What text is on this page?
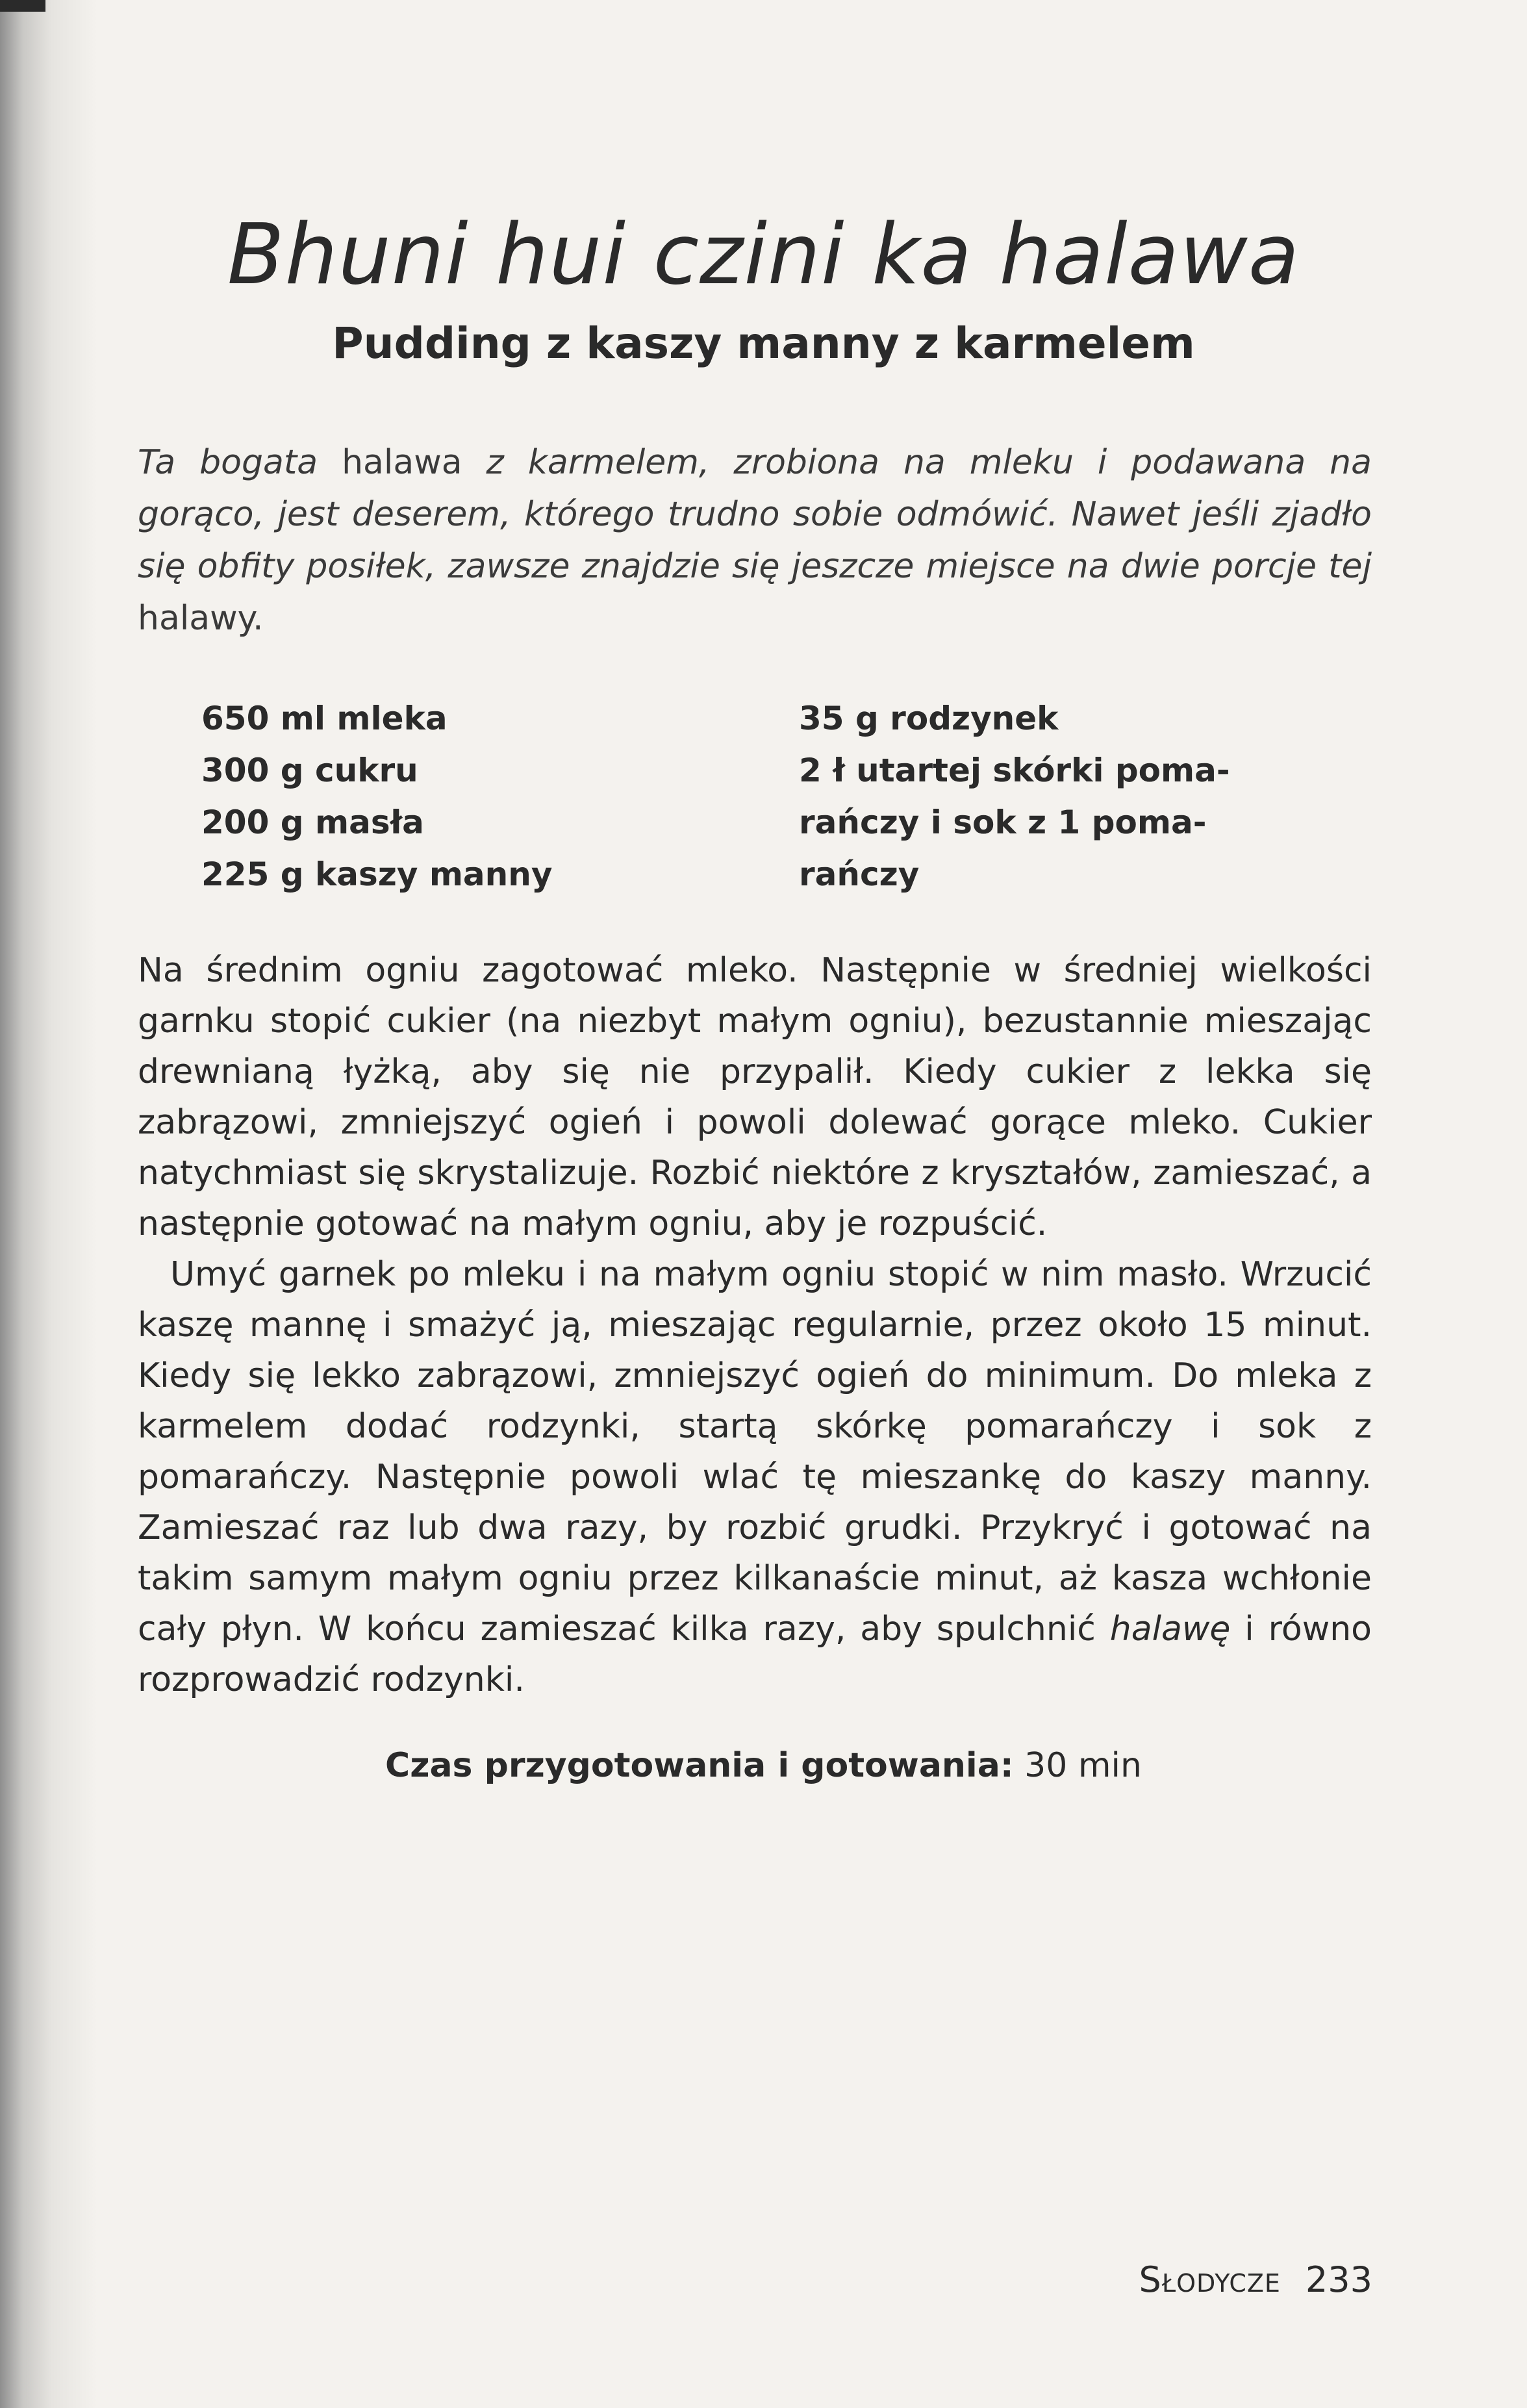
Bhuni hui czini ka halawa
Pudding z kaszy manny z karmelem

Ta bogata halawa z karmelem, zrobiona na mleku i podawana na gorąco, jest deserem, którego trudno sobie odmówić. Nawet jeśli zjadło się obfity posiłek, zawsze znajdzie się jeszcze miejsce na dwie porcje tej halawy.

650 ml mleka
300 g cukru
200 g masła
225 g kaszy manny
35 g rodzynek
2 ł utartej skórki poma-
rańczy i sok z 1 poma-
rańczy

Na średnim ogniu zagotować mleko. Następnie w średniej wielkości garnku stopić cukier (na niezbyt małym ogniu), bezustannie mieszając drewnianą łyżką, aby się nie przypalił. Kiedy cukier z lekka się zabrązowi, zmniejszyć ogień i powoli dolewać gorące mleko. Cukier natychmiast się skrystalizuje. Rozbić niektóre z kryształów, zamieszać, a następnie gotować na małym ogniu, aby je rozpuścić.

Umyć garnek po mleku i na małym ogniu stopić w nim masło. Wrzucić kaszę mannę i smażyć ją, mieszając regularnie, przez około 15 minut. Kiedy się lekko zabrązowi, zmniejszyć ogień do minimum. Do mleka z karmelem dodać rodzynki, startą skórkę pomarańczy i sok z pomarańczy. Następnie powoli wlać tę mieszankę do kaszy manny. Zamieszać raz lub dwa razy, by rozbić grudki. Przykryć i gotować na takim samym małym ogniu przez kilkanaście minut, aż kasza wchłonie cały płyn. W końcu zamieszać kilka razy, aby spulchnić halawę i równo rozprowadzić rodzynki.

Czas przygotowania i gotowania: 30 min
Słodycze 233
